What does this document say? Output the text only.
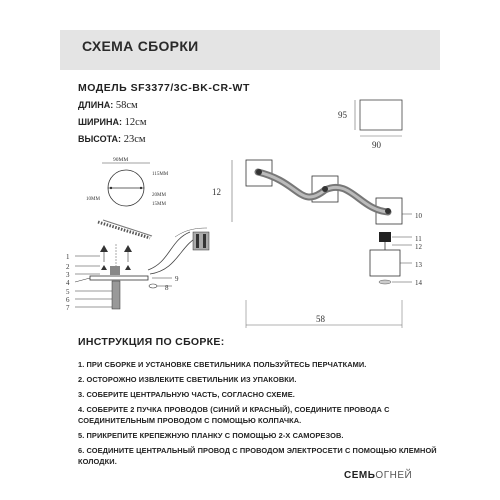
СХЕМА СБОРКИ
МОДЕЛЬ SF3377/3C-BK-CR-WT
ДЛИНА: 58см
ШИРИНА: 12см
ВЫСОТА: 23см
95
90
90ММ
115ММ
10ММ
20ММ
15ММ
12
10
11
12
13
14
58
8
9
1
2
3
4
5
6
7
ИНСТРУКЦИЯ ПО СБОРКЕ:
1. ПРИ СБОРКЕ И УСТАНОВКЕ СВЕТИЛЬНИКА ПОЛЬЗУЙТЕСЬ ПЕРЧАТКАМИ.
2. ОСТОРОЖНО ИЗВЛЕКИТЕ СВЕТИЛЬНИК ИЗ УПАКОВКИ.
3. СОБЕРИТЕ ЦЕНТРАЛЬНУЮ ЧАСТЬ, СОГЛАСНО СХЕМЕ.
4. СОБЕРИТЕ 2 ПУЧКА ПРОВОДОВ (СИНИЙ И КРАСНЫЙ), СОЕДИНИТЕ ПРОВОДА С СОЕДИНИТЕЛЬНЫМ ПРОВОДОМ С ПОМОЩЬЮ КОЛПАЧКА.
5. ПРИКРЕПИТЕ КРЕПЕЖНУЮ ПЛАНКУ С ПОМОЩЬЮ 2-Х САМОРЕЗОВ.
6. СОЕДИНИТЕ ЦЕНТРАЛЬНЫЙ ПРОВОД С ПРОВОДОМ ЭЛЕКТРОСЕТИ С ПОМОЩЬЮ КЛЕМНОЙ КОЛОДКИ.
СЕМЬОГНЕЙ
